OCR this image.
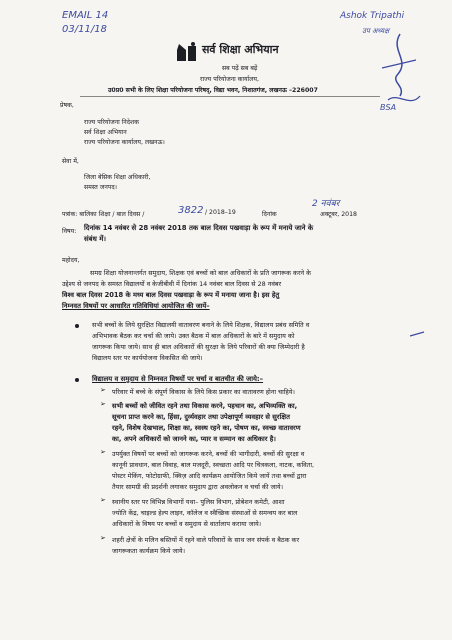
EMAIL 14
03/11/18
Ashok Tripathi
उप अध्यक्ष
BSA
सर्व शिक्षा अभियान
सब पढ़ें सब बढ़ें
राज्य परियोजना कार्यालय,
उ0प्र0 सभी के लिए शिक्षा परियोजना परिषद्, विद्या भवन, निशातगंज, लखनऊ –226007
प्रेषक,
राज्य परियोजना निदेशक
सर्व शिक्षा अभियान
राज्य परियोजना कार्यालय, लखनऊ।
सेवा में,
जिला बेसिक शिक्षा अधिकारी,
समस्त जनपद।
पत्रांक: बालिका शिक्षा / बाल दिवस /	3822 / 2018–19	दिनांक
2 नवंबर
अक्टूबर, 2018
विषय: दिनांक 14 नवंबर से 28 नवंबर 2018 तक बाल दिवस पखवाड़ा के रूप में मनाये जाने के
संबंध में।
महोदय,
समग्र शिक्षा योजनान्तर्गत समुदाय, शिक्षक एवं बच्चों को बाल अधिकारों के प्रति जागरूक करने के
उद्देश्य से जनपद के समस्त विद्यालयों व केजीबीवी में दिनांक 14 नवंबर बाल दिवस से 28 नवंबर
विश्व बाल दिवस 2018 के मध्य बाल दिवस पखवाड़ा के रूप में मनाया जाना है। इस हेतु
निम्नवत विषयों पर आधारित गतिविधियां आयोजित की जायें–
सभी बच्चों के लिये सुरक्षित विद्यालयी वातावरण बनाने के लिये शिक्षक, विद्यालय प्रबंध समिति व
अभिभावक बैठक कर चर्चा की जाये। उक्त बैठक में बाल अधिकारों के बारे में समुदाय को
जागरूक किया जाये। साथ ही बाल अधिकारों की सुरक्षा के लिये परिवारों की क्या जिम्मेदारी है
विद्यालय स्तर पर कार्ययोजना विकसित की जाये।
विद्यालय व समुदाय से निम्नवत विषयों पर चर्चा व बातचीत की जाये:–
➢ परिवार में बच्चे के संपूर्ण विकास के लिये किस प्रकार का वातावरण होना चाहिये।
➢ सभी बच्चों को जीवित रहने तथा विकास करने, पहचान का, अभिव्यक्ति का,
सूचना प्राप्त करने का, हिंसा, दुर्व्यवहार तथा उपेक्षापूर्ण व्यवहार से सुरक्षित
रहने, विशेष देखभाल, शिक्षा का, स्वस्थ रहने का, पोषण का, स्वच्छ वातावरण
का, अपने अधिकारों को जानने का, प्यार व सम्मान का अधिकार है।
➢ उपर्युक्त विषयों पर बच्चों को जागरूक करने, बच्चों की भागीदारी, बच्चों की सुरक्षा व
कानूनी प्रावधान, बाल विवाह, बाल मजदूरी, स्वच्छता आदि पर चित्रकला, नाटक, कविता,
पोस्टर मेकिंग, फोटोग्राफी, क्विज़ आदि कार्यक्रम आयोजित किये जायें तथा बच्चों द्वारा
तैयार सामग्री की प्रदर्शनी लगाकर समुदाय द्वारा अवलोकन व चर्चा की जाये।
➢ स्थानीय स्तर पर विभिन्न विभागों यथा– पुलिस विभाग, प्रोबेशन कमेटी, आशा
ज्योति केंद्र, चाइल्ड हेल्प लाइन, कॉलेज व स्वैच्छिक संस्थाओं से समन्वय कर बाल
अधिकारों के विषय पर बच्चों व समुदाय से वार्तालाप कराया जाये।
➢ शहरी क्षेत्रों के मलिन बस्तियों में रहने वाले परिवारों के साथ जन संपर्क व बैठक कर
जागरूकता कार्यक्रम किये जाये।
